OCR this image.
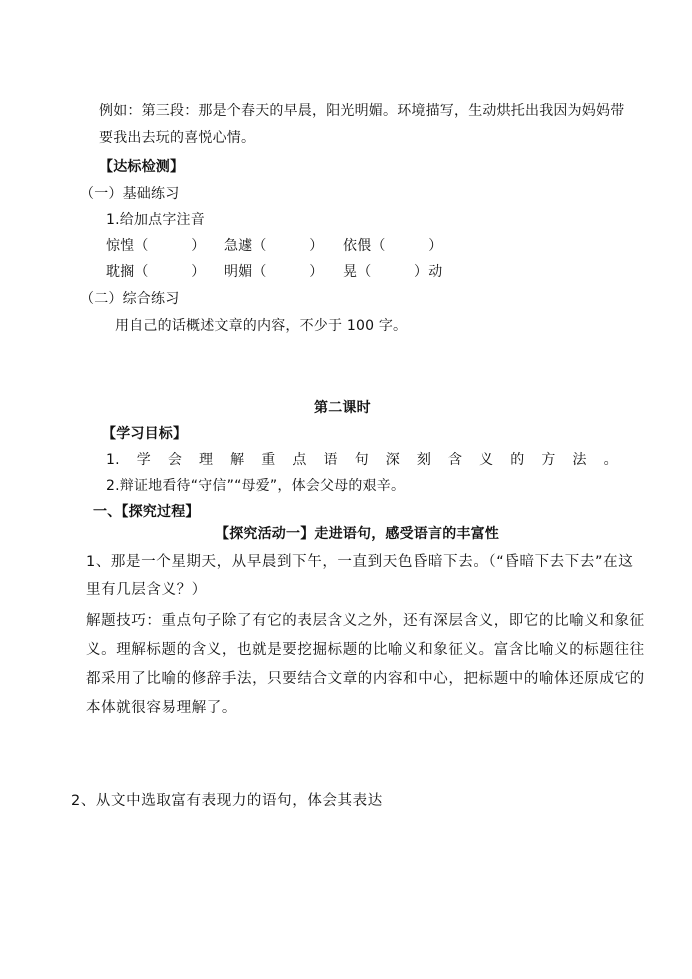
例如：第三段：那是个春天的早晨，阳光明媚。环境描写，生动烘托出我因为妈妈带
要我出去玩的喜悦心情。
【达标检测】
（一）基础练习
1.给加点字注音
惊惶（　　　） 急遽（　　　） 依偎（　　　）
耽搁（　　　） 明媚（　　　） 晃（　　　）动
（二）综合练习
用自己的话概述文章的内容，不少于 100 字。
第二课时
【学习目标】
1. 学 会 理 解 重 点 语 句 深 刻 含 义 的 方 法 。
2.辩证地看待“守信”“母爱”，体会父母的艰辛。
一、【探究过程】
【探究活动一】走进语句，感受语言的丰富性
1、那是一个星期天，从早晨到下午，一直到天色昏暗下去。（“昏暗下去下去”在这
里有几层含义？）
解题技巧：重点句子除了有它的表层含义之外，还有深层含义，即它的比喻义和象征
义。理解标题的含义，也就是要挖掘标题的比喻义和象征义。富含比喻义的标题往往
都采用了比喻的修辞手法，只要结合文章的内容和中心，把标题中的喻体还原成它的
本体就很容易理解了。
2、从文中选取富有表现力的语句，体会其表达
